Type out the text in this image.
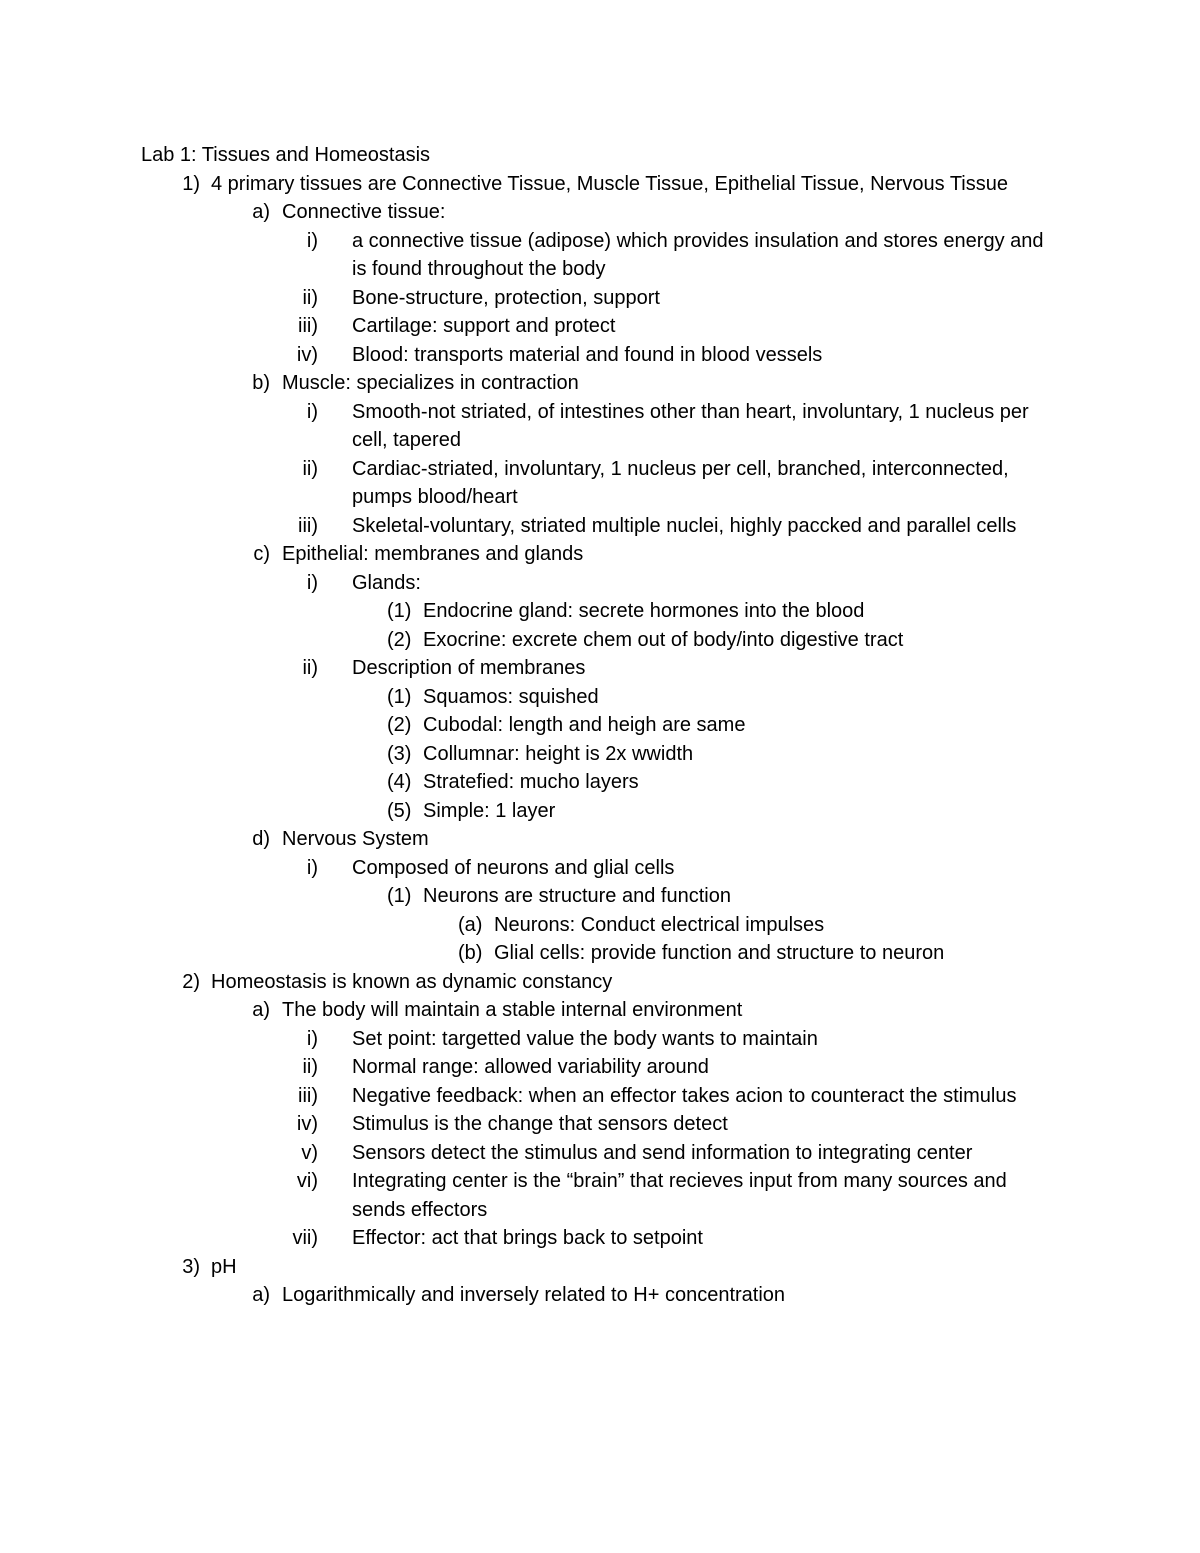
Lab 1: Tissues and Homeostasis
1) 4 primary tissues are Connective Tissue, Muscle Tissue, Epithelial Tissue, Nervous Tissue
a) Connective tissue:
i) a connective tissue (adipose) which provides insulation and stores energy and is found throughout the body
ii) Bone-structure, protection, support
iii) Cartilage: support and protect
iv) Blood: transports material and found in blood vessels
b) Muscle: specializes in contraction
i) Smooth-not striated, of intestines other than heart, involuntary, 1 nucleus per cell, tapered
ii) Cardiac-striated, involuntary, 1 nucleus per cell, branched, interconnected, pumps blood/heart
iii) Skeletal-voluntary, striated multiple nuclei, highly paccked and parallel cells
c) Epithelial: membranes and glands
i) Glands:
(1) Endocrine gland: secrete hormones into the blood
(2) Exocrine: excrete chem out of body/into digestive tract
ii) Description of membranes
(1) Squamos: squished
(2) Cubodal: length and heigh are same
(3) Collumnar: height is 2x wwidth
(4) Stratefied: mucho layers
(5) Simple: 1 layer
d) Nervous System
i) Composed of neurons and glial cells
(1) Neurons are structure and function
(a) Neurons: Conduct electrical impulses
(b) Glial cells: provide function and structure to neuron
2) Homeostasis is known as dynamic constancy
a) The body will maintain a stable internal environment
i) Set point: targetted value the body wants to maintain
ii) Normal range: allowed variability around
iii) Negative feedback: when an effector takes acion to counteract the stimulus
iv) Stimulus is the change that sensors detect
v) Sensors detect the stimulus and send information to integrating center
vi) Integrating center is the “brain” that recieves input from many sources and sends effectors
vii) Effector: act that brings back to setpoint
3) pH
a) Logarithmically and inversely related to H+ concentration
